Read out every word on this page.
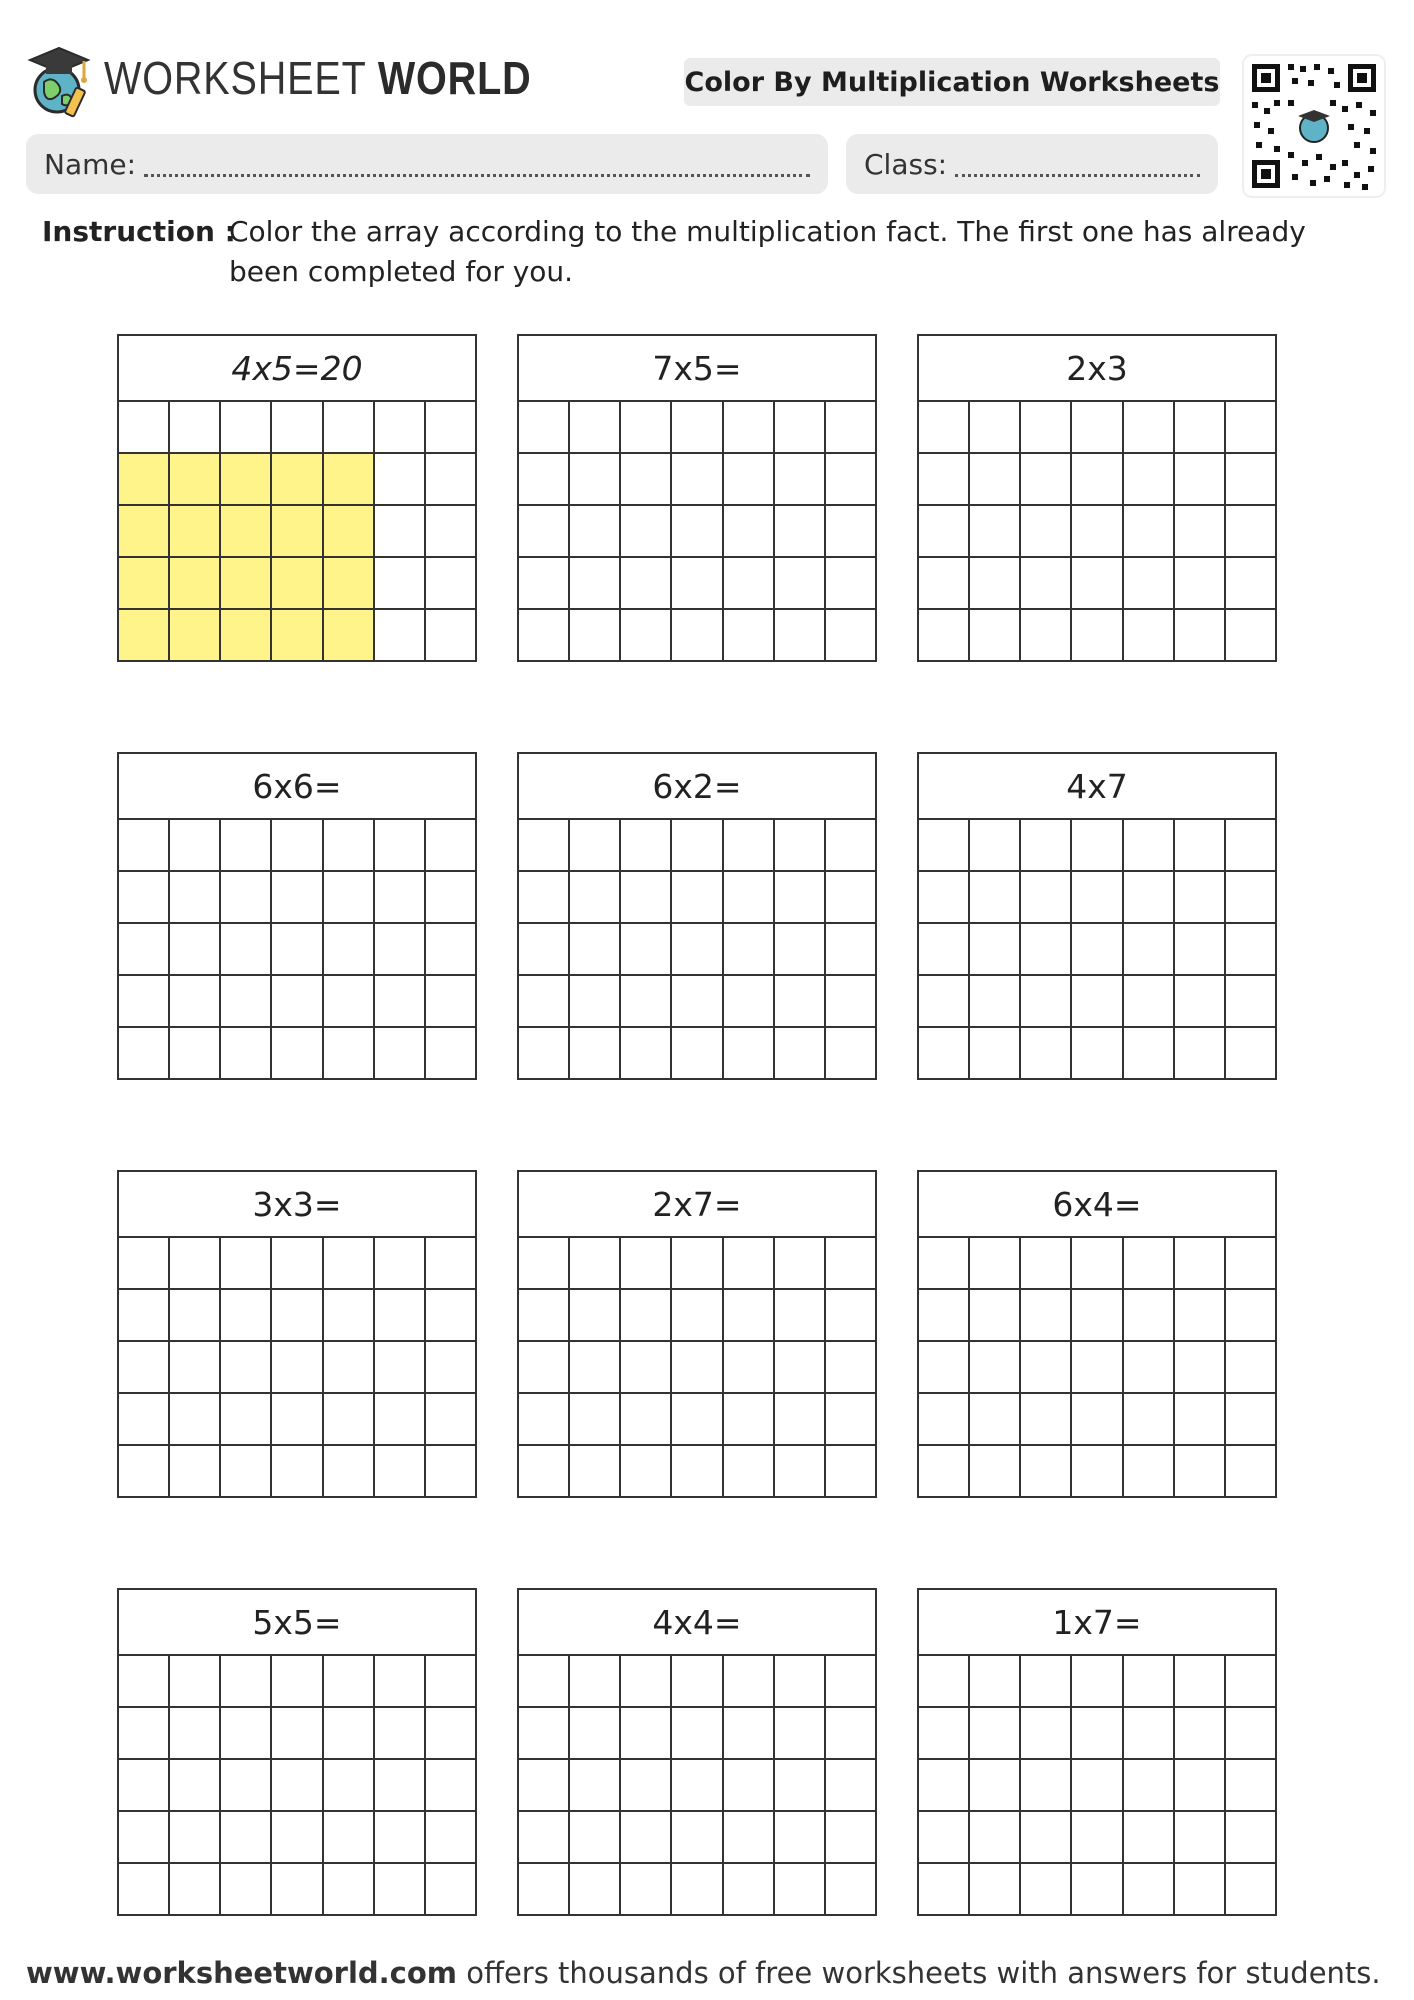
WORKSHEET WORLD	Color By Multiplication Worksheets
Name:	Class:
Instruction :
Color the array according to the multiplication fact. The first one has already been completed for you.
4x5=20	7x5=	2x3
6x6=	6x2=	4x7
3x3=	2x7=	6x4=
5x5=	4x4=	1x7=
www.worksheetworld.com offers thousands of free worksheets with answers for students.
